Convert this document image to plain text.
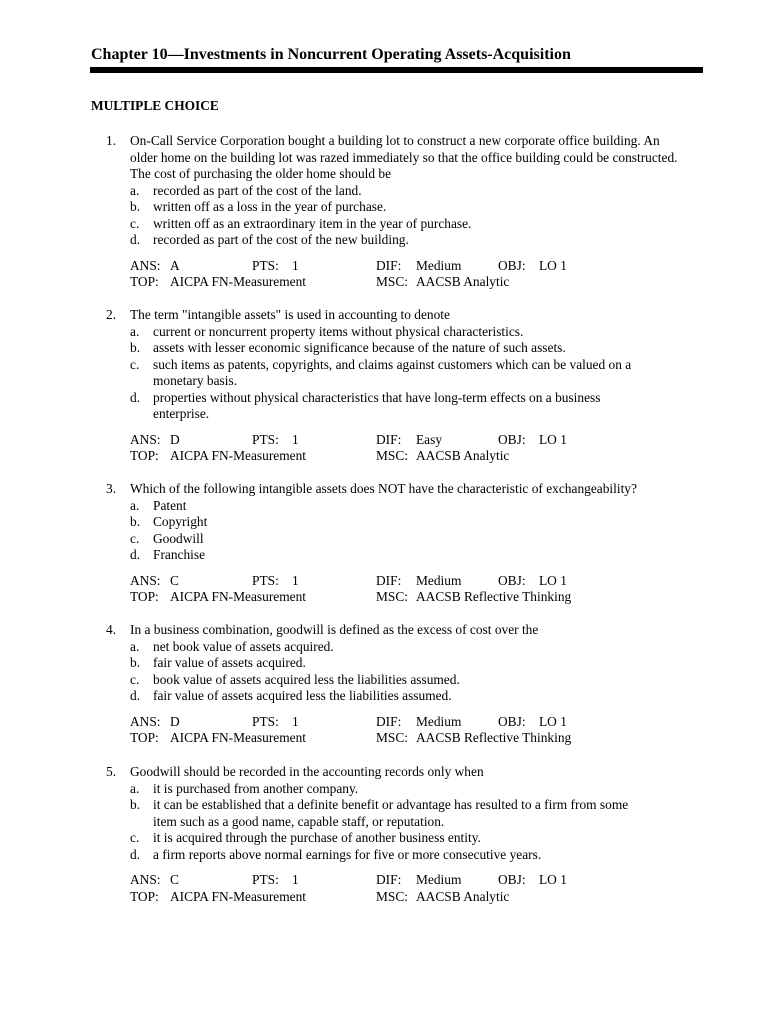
Chapter 10—Investments in Noncurrent Operating Assets-Acquisition
MULTIPLE CHOICE
1. On-Call Service Corporation bought a building lot to construct a new corporate office building. An
older home on the building lot was razed immediately so that the office building could be constructed.
The cost of purchasing the older home should be
a. recorded as part of the cost of the land.
b. written off as a loss in the year of purchase.
c. written off as an extraordinary item in the year of purchase.
d. recorded as part of the cost of the new building.
ANS: A	PTS: 1	DIF: Medium	OBJ: LO 1
TOP: AICPA FN-Measurement	MSC: AACSB Analytic
2. The term "intangible assets" is used in accounting to denote
a. current or noncurrent property items without physical characteristics.
b. assets with lesser economic significance because of the nature of such assets.
c. such items as patents, copyrights, and claims against customers which can be valued on a
monetary basis.
d. properties without physical characteristics that have long-term effects on a business
enterprise.
ANS: D	PTS: 1	DIF: Easy	OBJ: LO 1
TOP: AICPA FN-Measurement	MSC: AACSB Analytic
3. Which of the following intangible assets does NOT have the characteristic of exchangeability?
a. Patent
b. Copyright
c. Goodwill
d. Franchise
ANS: C	PTS: 1	DIF: Medium	OBJ: LO 1
TOP: AICPA FN-Measurement	MSC: AACSB Reflective Thinking
4. In a business combination, goodwill is defined as the excess of cost over the
a. net book value of assets acquired.
b. fair value of assets acquired.
c. book value of assets acquired less the liabilities assumed.
d. fair value of assets acquired less the liabilities assumed.
ANS: D	PTS: 1	DIF: Medium	OBJ: LO 1
TOP: AICPA FN-Measurement	MSC: AACSB Reflective Thinking
5. Goodwill should be recorded in the accounting records only when
a. it is purchased from another company.
b. it can be established that a definite benefit or advantage has resulted to a firm from some
item such as a good name, capable staff, or reputation.
c. it is acquired through the purchase of another business entity.
d. a firm reports above normal earnings for five or more consecutive years.
ANS: C	PTS: 1	DIF: Medium	OBJ: LO 1
TOP: AICPA FN-Measurement	MSC: AACSB Analytic
